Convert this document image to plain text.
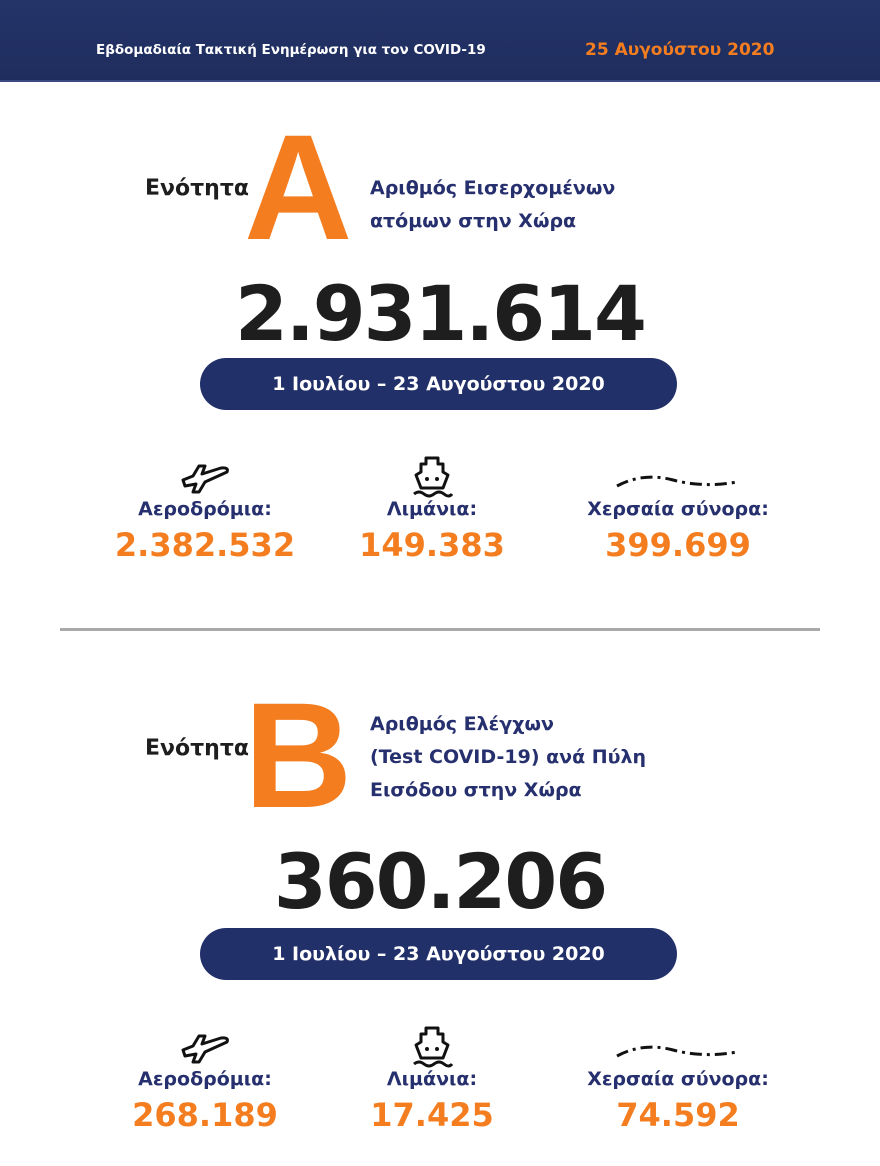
Εβδομαδιαία Τακτική Ενημέρωση για τον COVID-19	25 Αυγούστου 2020
A
Ενότητα	Αριθμός Εισερχομένων
ατόμων στην Χώρα
2.931.614
1 Ιουλίου – 23 Αυγούστου 2020
Αεροδρόμια:
2.382.532
Λιμάνια:
149.383
Χερσαία σύνορα:
399.699
B
Ενότητα
Αριθμός Ελέγχων
(Test COVID-19) ανά Πύλη
Εισόδου στην Χώρα
360.206
1 Ιουλίου – 23 Αυγούστου 2020
Αεροδρόμια:
268.189
Λιμάνια:
17.425
Χερσαία σύνορα:
74.592
